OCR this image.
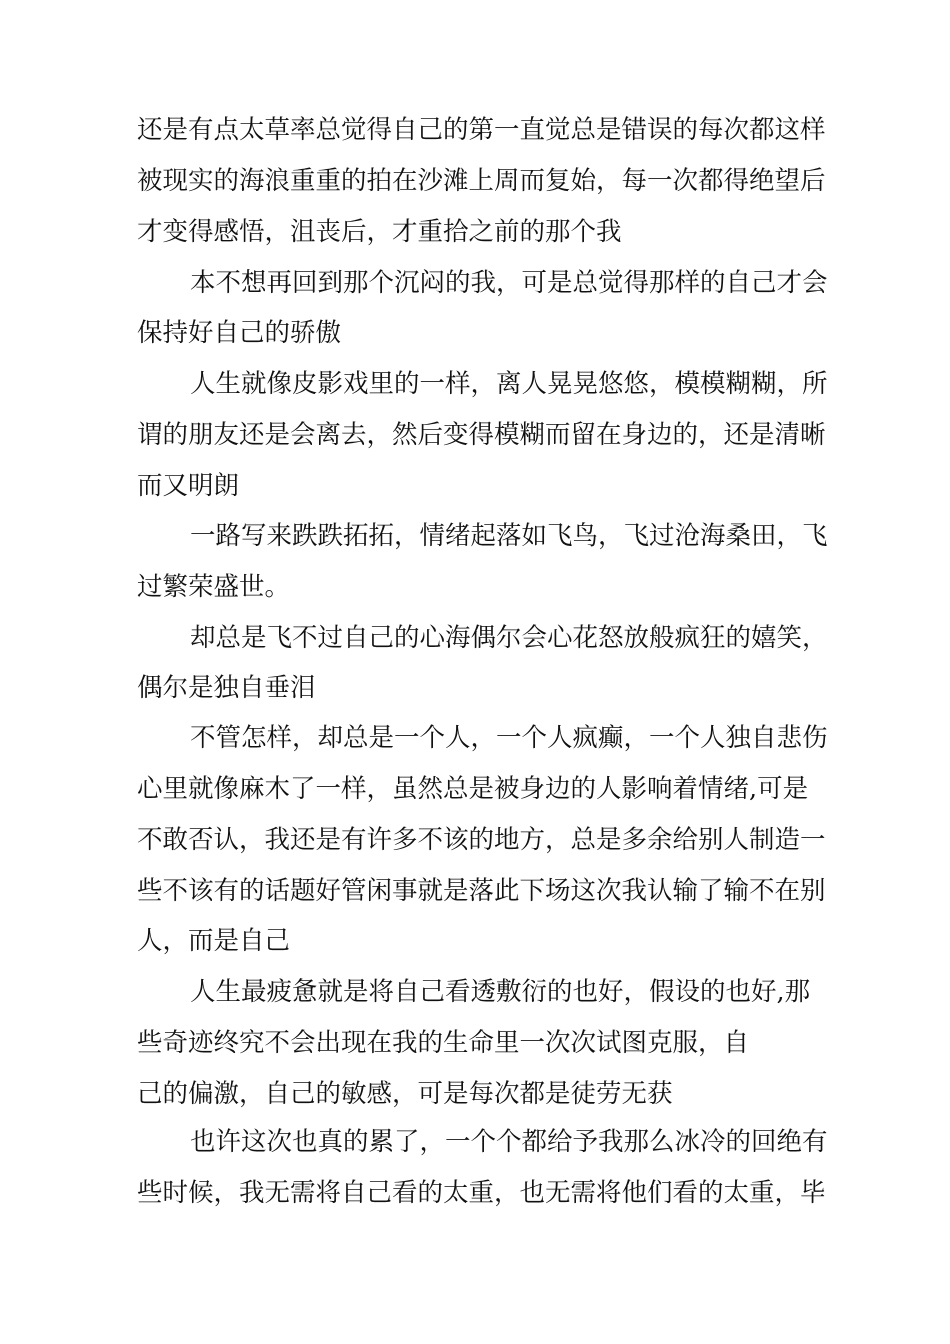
还是有点太草率总觉得自己的第一直觉总是错误的每次都这样

被现实的海浪重重的拍在沙滩上周而复始，每一次都得绝望后

才变得感悟，沮丧后，才重拾之前的那个我

本不想再回到那个沉闷的我，可是总觉得那样的自己才会

保持好自己的骄傲

人生就像皮影戏里的一样，离人晃晃悠悠，模模糊糊，所

谓的朋友还是会离去，然后变得模糊而留在身边的，还是清晰

而又明朗

一路写来跌跌拓拓，情绪起落如飞鸟，飞过沧海桑田，飞

过繁荣盛世。

却总是飞不过自己的心海偶尔会心花怒放般疯狂的嬉笑，

偶尔是独自垂泪

不管怎样，却总是一个人，一个人疯癫，一个人独自悲伤

心里就像麻木了一样，虽然总是被身边的人影响着情绪,可是

不敢否认，我还是有许多不该的地方，总是多余给别人制造一

些不该有的话题好管闲事就是落此下场这次我认输了输不在别

人，而是自己

人生最疲惫就是将自己看透敷衍的也好，假设的也好,那

些奇迹终究不会出现在我的生命里一次次试图克服，自

己的偏激，自己的敏感，可是每次都是徒劳无获

也许这次也真的累了，一个个都给予我那么冰冷的回绝有

些时候，我无需将自己看的太重，也无需将他们看的太重，毕
